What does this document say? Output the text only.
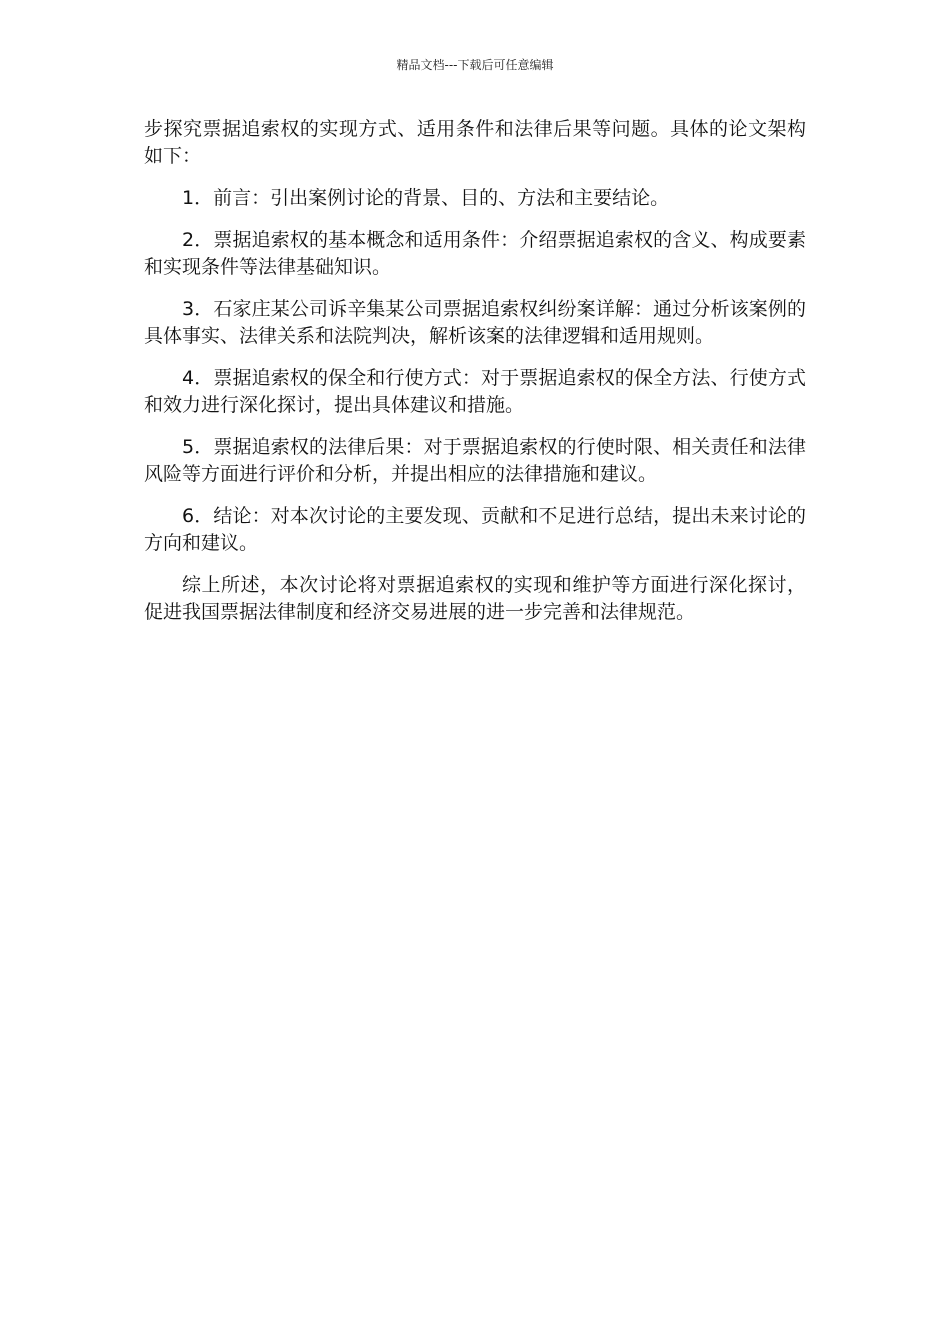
精品文档---下载后可任意编辑

步探究票据追索权的实现方式、适用条件和法律后果等问题。具体的论文架构如下：

1．前言：引出案例讨论的背景、目的、方法和主要结论。

2．票据追索权的基本概念和适用条件：介绍票据追索权的含义、构成要素和实现条件等法律基础知识。

3．石家庄某公司诉辛集某公司票据追索权纠纷案详解：通过分析该案例的具体事实、法律关系和法院判决，解析该案的法律逻辑和适用规则。

4．票据追索权的保全和行使方式：对于票据追索权的保全方法、行使方式和效力进行深化探讨，提出具体建议和措施。

5．票据追索权的法律后果：对于票据追索权的行使时限、相关责任和法律风险等方面进行评价和分析，并提出相应的法律措施和建议。

6．结论：对本次讨论的主要发现、贡献和不足进行总结，提出未来讨论的方向和建议。

综上所述，本次讨论将对票据追索权的实现和维护等方面进行深化探讨，促进我国票据法律制度和经济交易进展的进一步完善和法律规范。
